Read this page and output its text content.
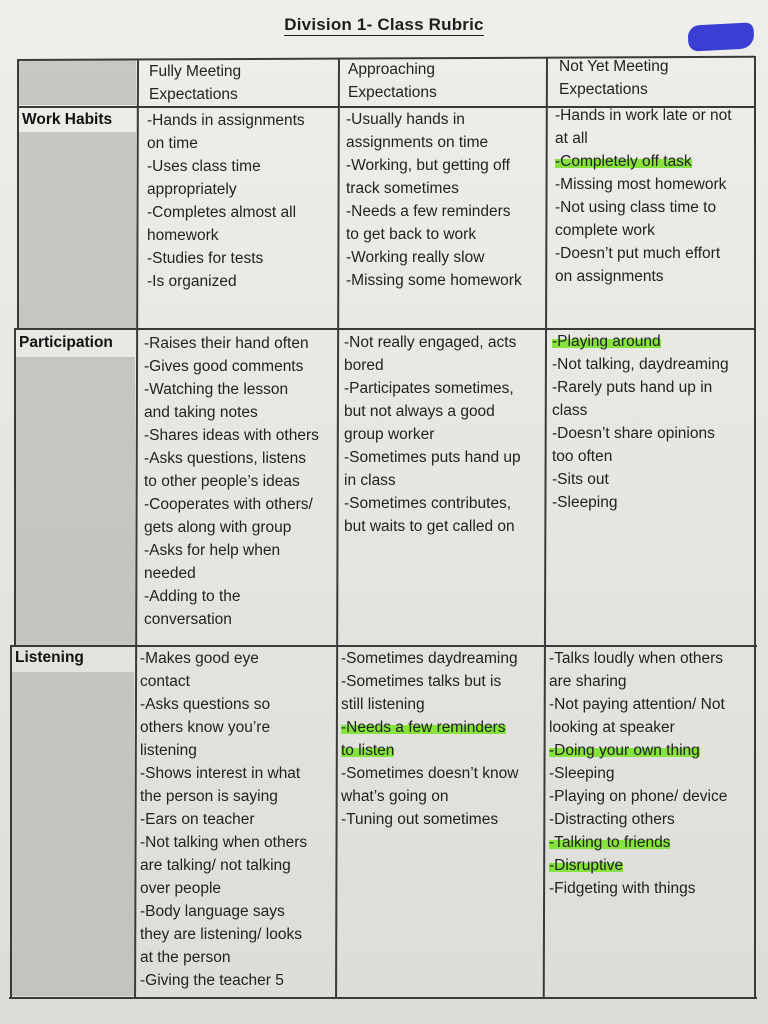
Division 1- Class Rubric
Fully Meeting
Expectations
Approaching
Expectations
Not Yet Meeting
Expectations
Work Habits
Participation
Listening
-Hands in assignments
on time
-Uses class time
appropriately
-Completes almost all
homework
-Studies for tests
-Is organized
-Usually hands in
assignments on time
-Working, but getting off
track sometimes
-Needs a few reminders
to get back to work
-Working really slow
-Missing some homework
-Hands in work late or not
at all
-Completely off task
-Missing most homework
-Not using class time to
complete work
-Doesn’t put much effort
on assignments
-Raises their hand often
-Gives good comments
-Watching the lesson
and taking notes
-Shares ideas with others
-Asks questions, listens
to other people’s ideas
-Cooperates with others/
gets along with group
-Asks for help when
needed
-Adding to the
conversation
-Not really engaged, acts
bored
-Participates sometimes,
but not always a good
group worker
-Sometimes puts hand up
in class
-Sometimes contributes,
but waits to get called on
-Playing around
-Not talking, daydreaming
-Rarely puts hand up in
class
-Doesn’t share opinions
too often
-Sits out
-Sleeping
-Makes good eye
contact
-Asks questions so
others know you’re
listening
-Shows interest in what
the person is saying
-Ears on teacher
-Not talking when others
are talking/ not talking
over people
-Body language says
they are listening/ looks
at the person
-Giving the teacher 5
-Sometimes daydreaming
-Sometimes talks but is
still listening
-Needs a few reminders
to listen
-Sometimes doesn’t know
what’s going on
-Tuning out sometimes
-Talks loudly when others
are sharing
-Not paying attention/ Not
looking at speaker
-Doing your own thing
-Sleeping
-Playing on phone/ device
-Distracting others
-Talking to friends
-Disruptive
-Fidgeting with things
